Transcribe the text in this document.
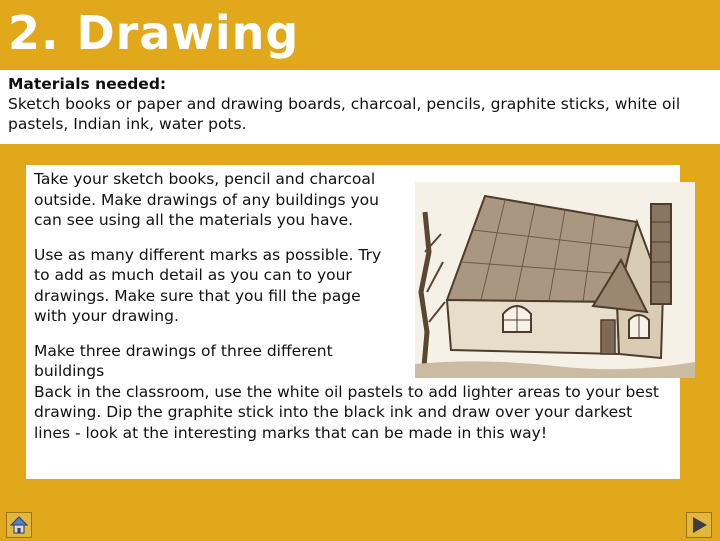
2. Drawing
Materials needed:
Sketch books or paper and drawing boards, charcoal, pencils, graphite sticks, white oil pastels, Indian ink, water pots.

Take your sketch books, pencil and charcoal outside. Make drawings of any buildings you can see using all the materials you have.

Use as many different marks as possible. Try to add as much detail as you can to your drawings. Make sure that you fill the page with your drawing.

Make three drawings of three different buildings

Back in the classroom, use the white oil pastels to add lighter areas to your best drawing. Dip the graphite stick into the black ink and draw over your darkest lines - look at the interesting marks that can be made in this way!
